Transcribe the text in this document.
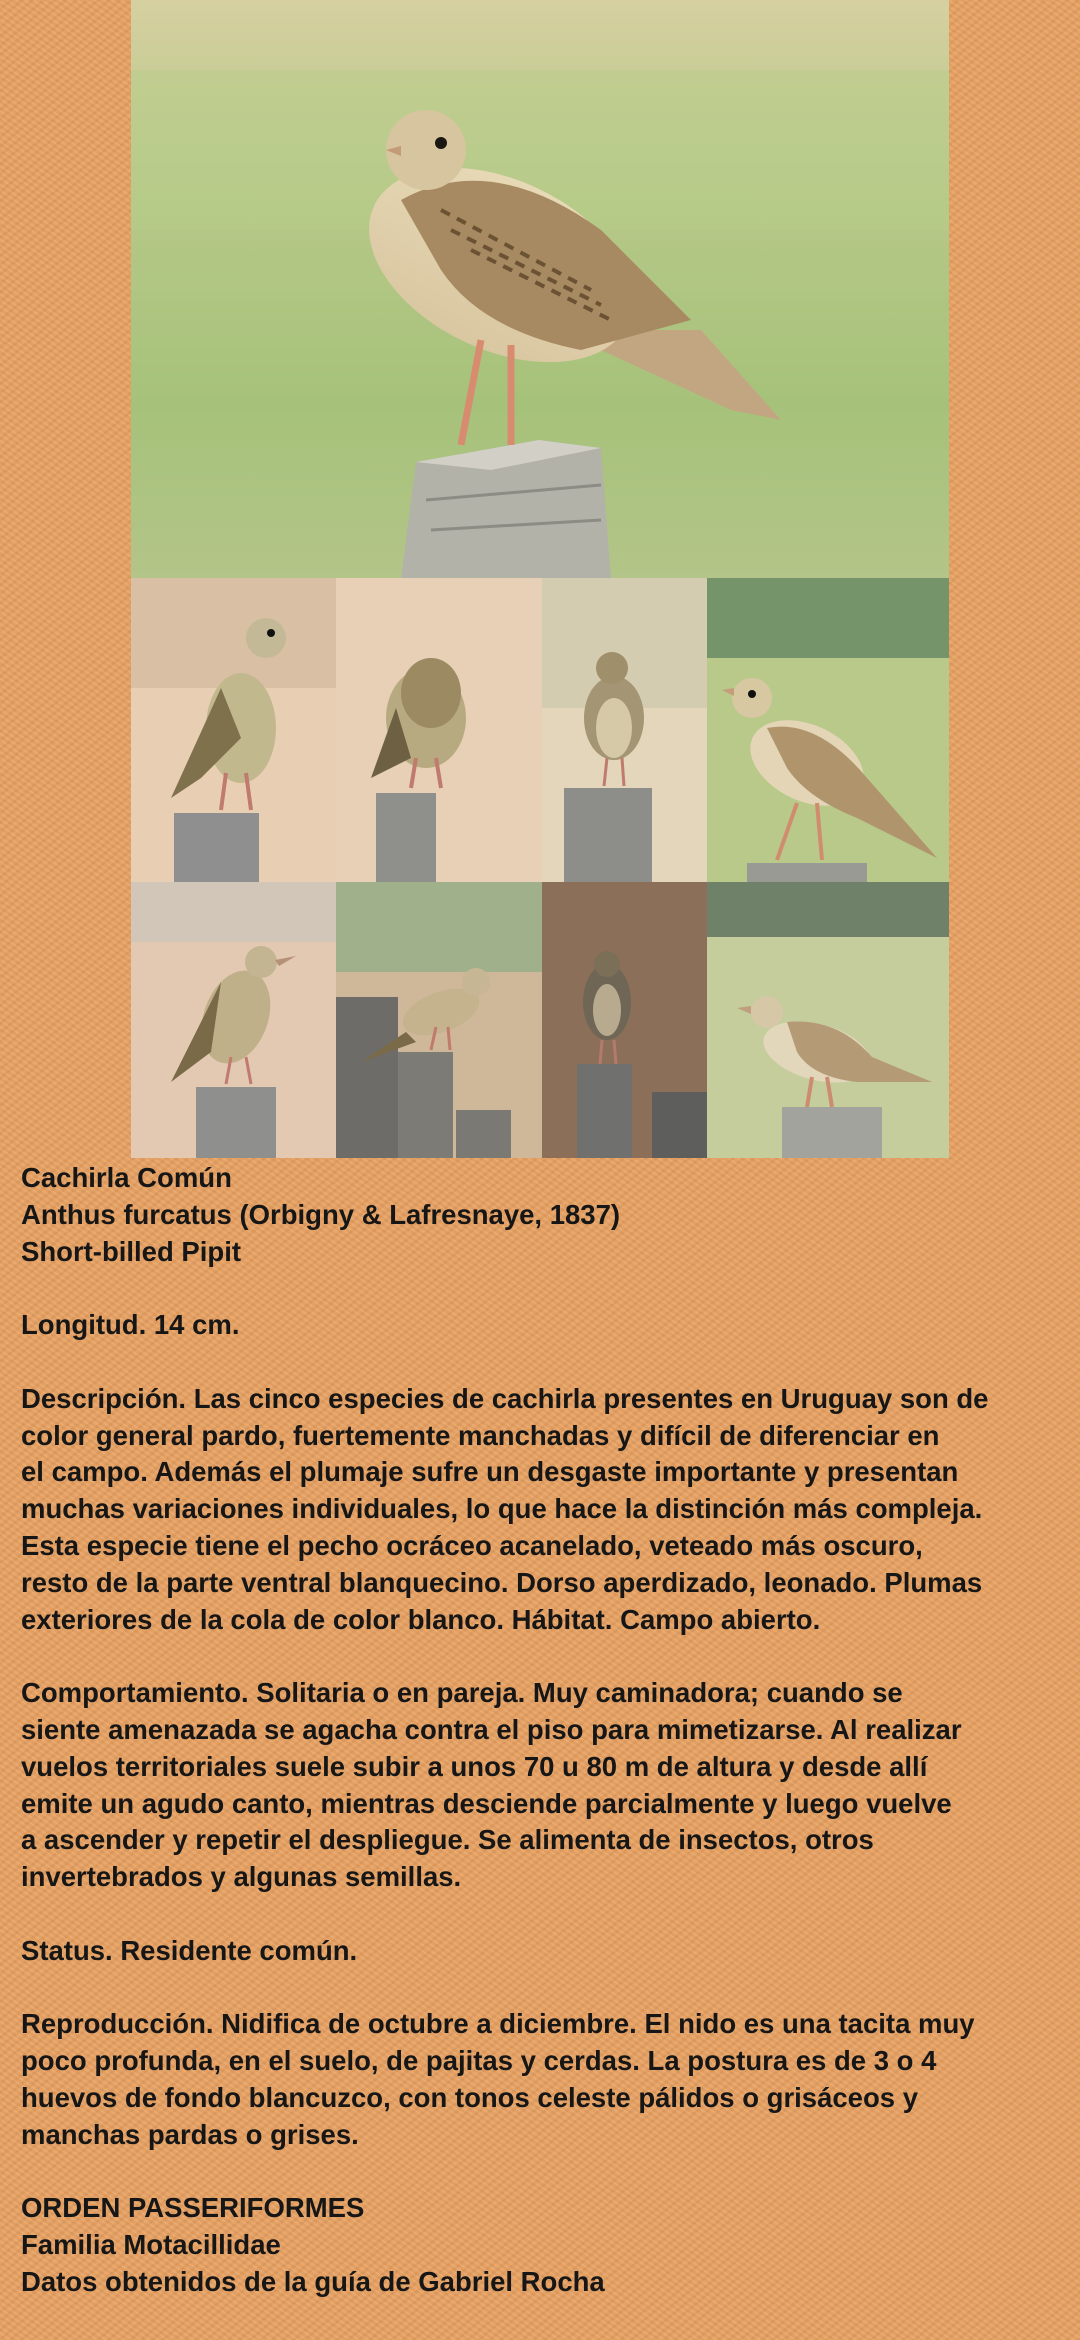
Cachirla Común

Anthus furcatus (Orbigny & Lafresnaye, 1837)

Short-billed Pipit

Longitud. 14 cm.

Descripción. Las cinco especies de cachirla presentes en Uruguay son de

color general pardo, fuertemente manchadas y difícil de diferenciar en

el campo. Además el plumaje sufre un desgaste importante y presentan

muchas variaciones individuales, lo que hace la distinción más compleja.

Esta especie tiene el pecho ocráceo acanelado, veteado más oscuro,

resto de la parte ventral blanquecino. Dorso aperdizado, leonado. Plumas

exteriores de la cola de color blanco. Hábitat. Campo abierto.

Comportamiento. Solitaria o en pareja. Muy caminadora; cuando se

siente amenazada se agacha contra el piso para mimetizarse. Al realizar

vuelos territoriales suele subir a unos 70 u 80 m de altura y desde allí

emite un agudo canto, mientras desciende parcialmente y luego vuelve

a ascender y repetir el despliegue. Se alimenta de insectos, otros

invertebrados y algunas semillas.

Status. Residente común.

Reproducción. Nidifica de octubre a diciembre. El nido es una tacita muy

poco profunda, en el suelo, de pajitas y cerdas. La postura es de 3 o 4

huevos de fondo blancuzco, con tonos celeste pálidos o grisáceos y

manchas pardas o grises.

ORDEN PASSERIFORMES

Familia Motacillidae

Datos obtenidos de la guía de Gabriel Rocha
